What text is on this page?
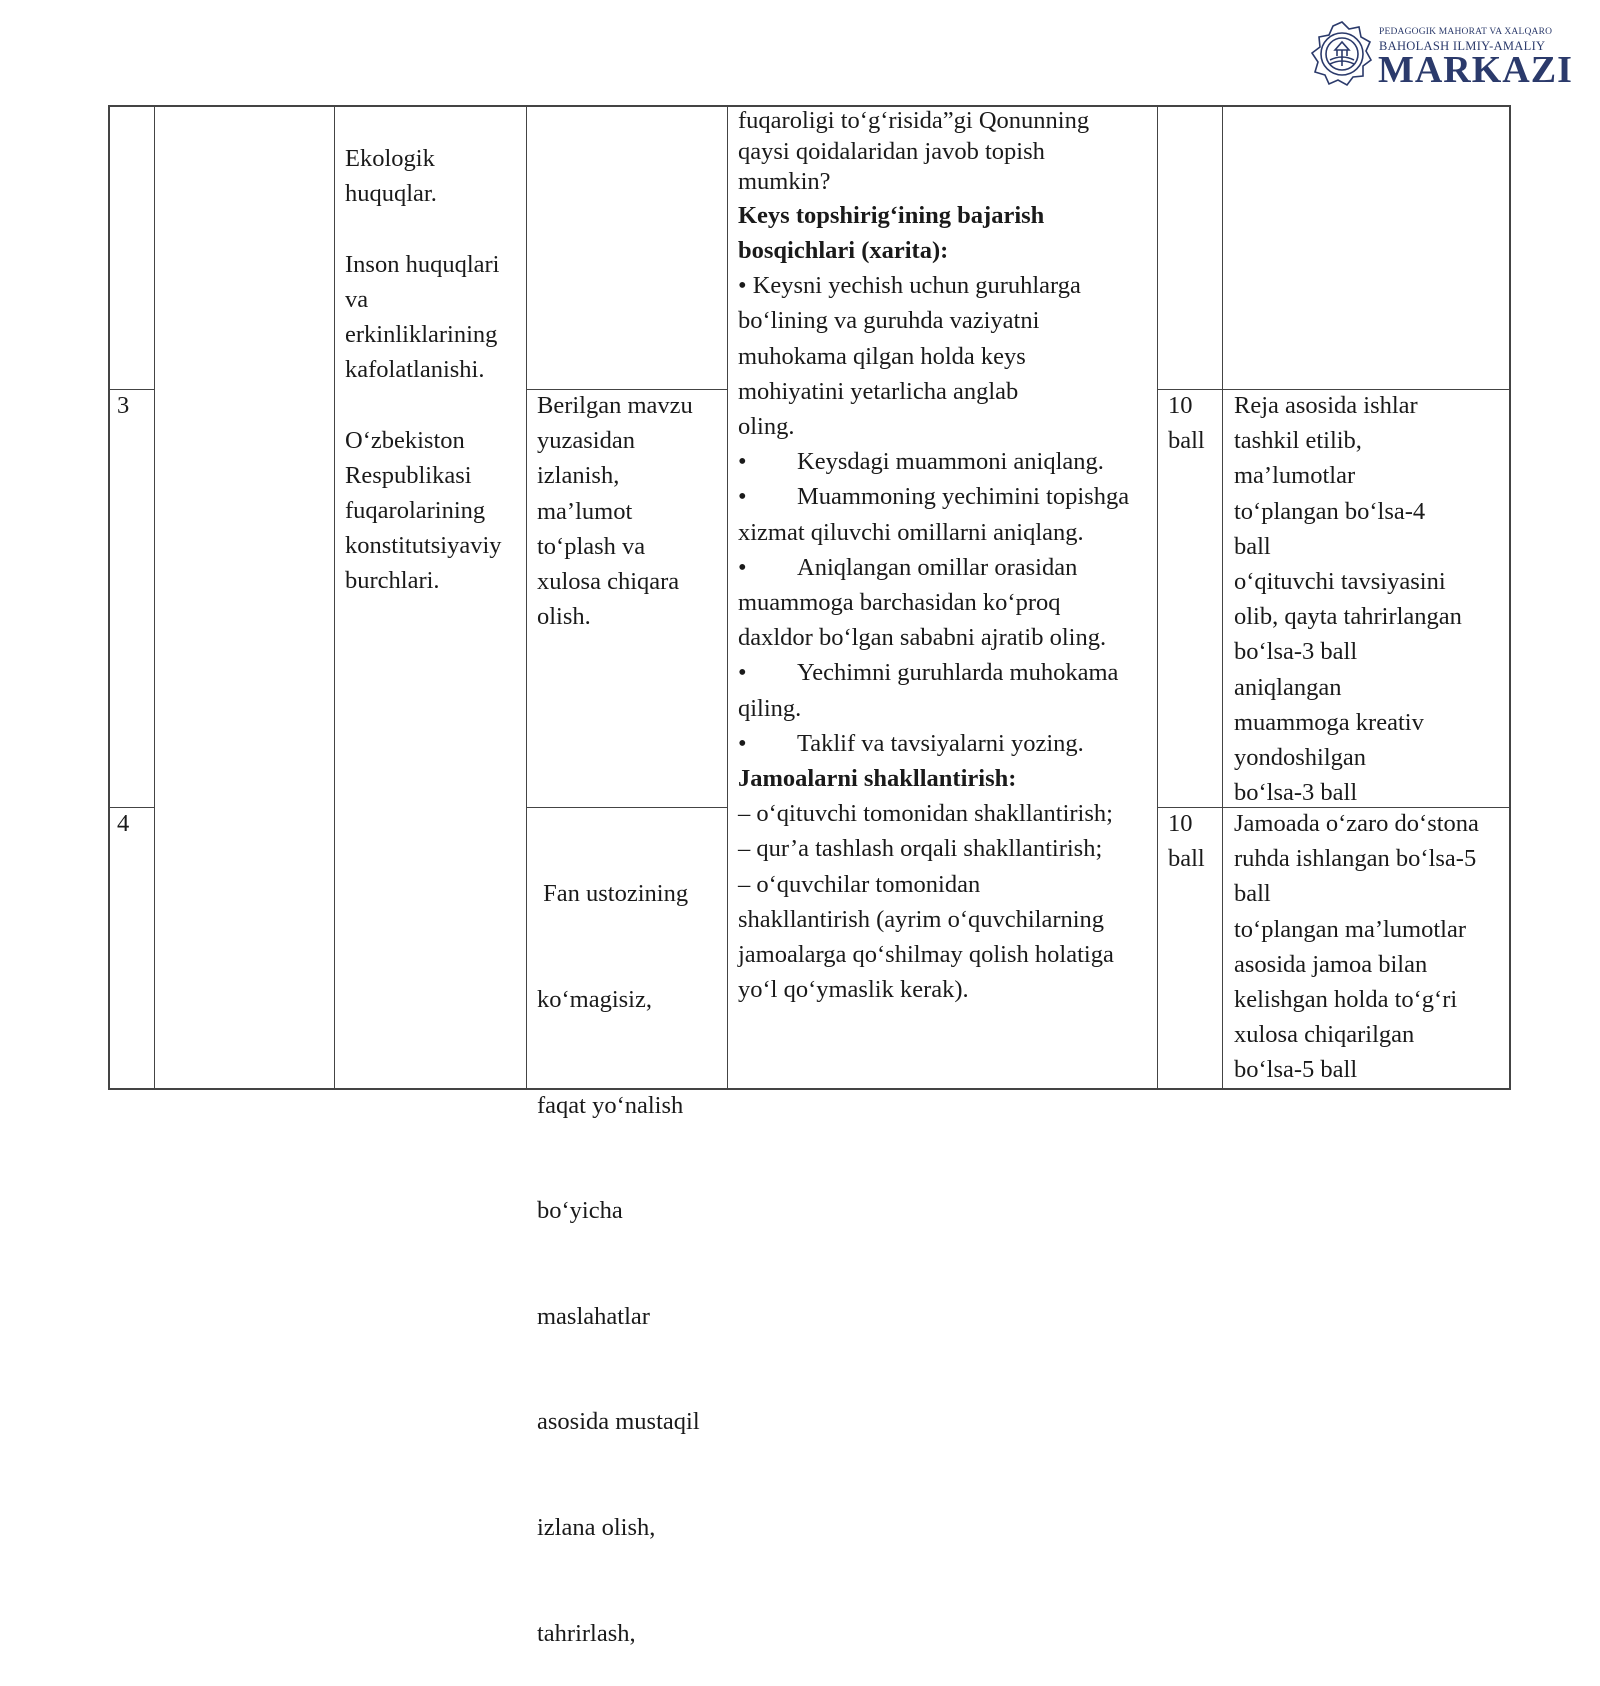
PEDAGOGIK MAHORAT VA XALQARO
BAHOLASH ILMIY-AMALIY
MARKAZI
Ekologik
huquqlar.

Inson huquqlari
va
erkinliklarining
kafolatlanishi.

O‘zbekiston
Respublikasi
fuqarolarining
konstitutsiyaviy
burchlari.
3	Berilgan mavzu
yuzasidan
izlanish,
ma’lumot
to‘plash va
xulosa chiqara
olish.
10
ball
Reja asosida ishlar
tashkil etilib,
ma’lumotlar
to‘plangan bo‘lsa-4
ball
o‘qituvchi tavsiyasini
olib, qayta tahrirlangan
bo‘lsa-3 ball
aniqlangan
muammoga kreativ
yondoshilgan
bo‘lsa-3 ball
4

Fan ustozining

ko‘magisiz,

faqat yo‘nalish

bo‘yicha

maslahatlar

asosida mustaqil

izlana olish,

tahrirlash,

10
ball
Jamoada o‘zaro do‘stona
ruhda ishlangan bo‘lsa-5
ball
to‘plangan ma’lumotlar
asosida jamoa bilan
kelishgan holda to‘g‘ri
xulosa chiqarilgan
bo‘lsa-5 ball
fuqaroligi to‘g‘risida”gi Qonunning
qaysi qoidalaridan javob topish
mumkin?
Keys topshirig‘ining bajarish
bosqichlari (xarita):
• Keysni yechish uchun guruhlarga
bo‘lining va guruhda vaziyatni
muhokama qilgan holda keys
mohiyatini yetarlicha anglab
oling.
• Keysdagi muammoni aniqlang.
• Muammoning yechimini topishga
xizmat qiluvchi omillarni aniqlang.
• Aniqlangan omillar orasidan
muammoga barchasidan ko‘proq
daxldor bo‘lgan sababni ajratib oling.
• Yechimni guruhlarda muhokama
qiling.
• Taklif va tavsiyalarni yozing.
Jamoalarni shakllantirish:
– o‘qituvchi tomonidan shakllantirish;
– qur’a tashlash orqali shakllantirish;
– o‘quvchilar tomonidan
shakllantirish (ayrim o‘quvchilarning
jamoalarga qo‘shilmay qolish holatiga
yo‘l qo‘ymaslik kerak).
